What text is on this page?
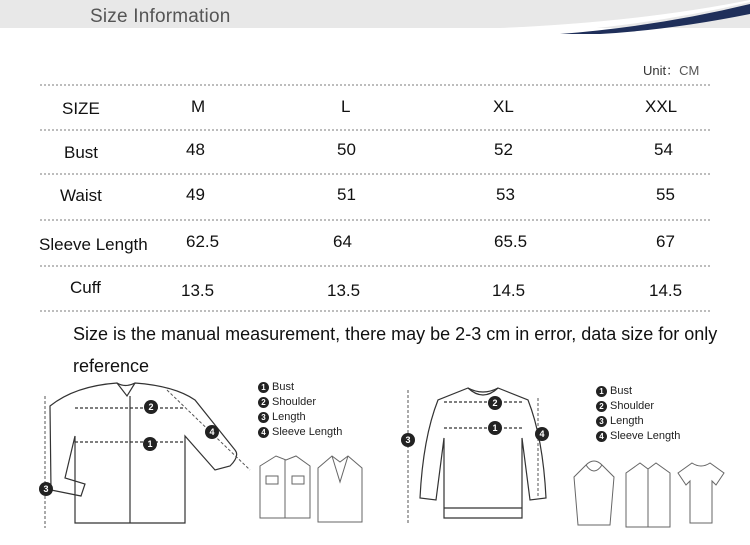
Size Information
Unit：CM
SIZE	M	L	XL	XXL
Bust	48	50	52	54
Waist	49	51	53	55
Sleeve Length 62.5	64	65.5	67
Cuff	13.5	13.5	14.5	14.5
Size is the manual measurement, there may be 2-3 cm in error, data size for only reference
2
1
3
4
1 Bust
2 Shoulder
3 Length
4 Sleeve Length
2
1
3
4
1 Bust
2 Shoulder
3 Length
4 Sleeve Length
